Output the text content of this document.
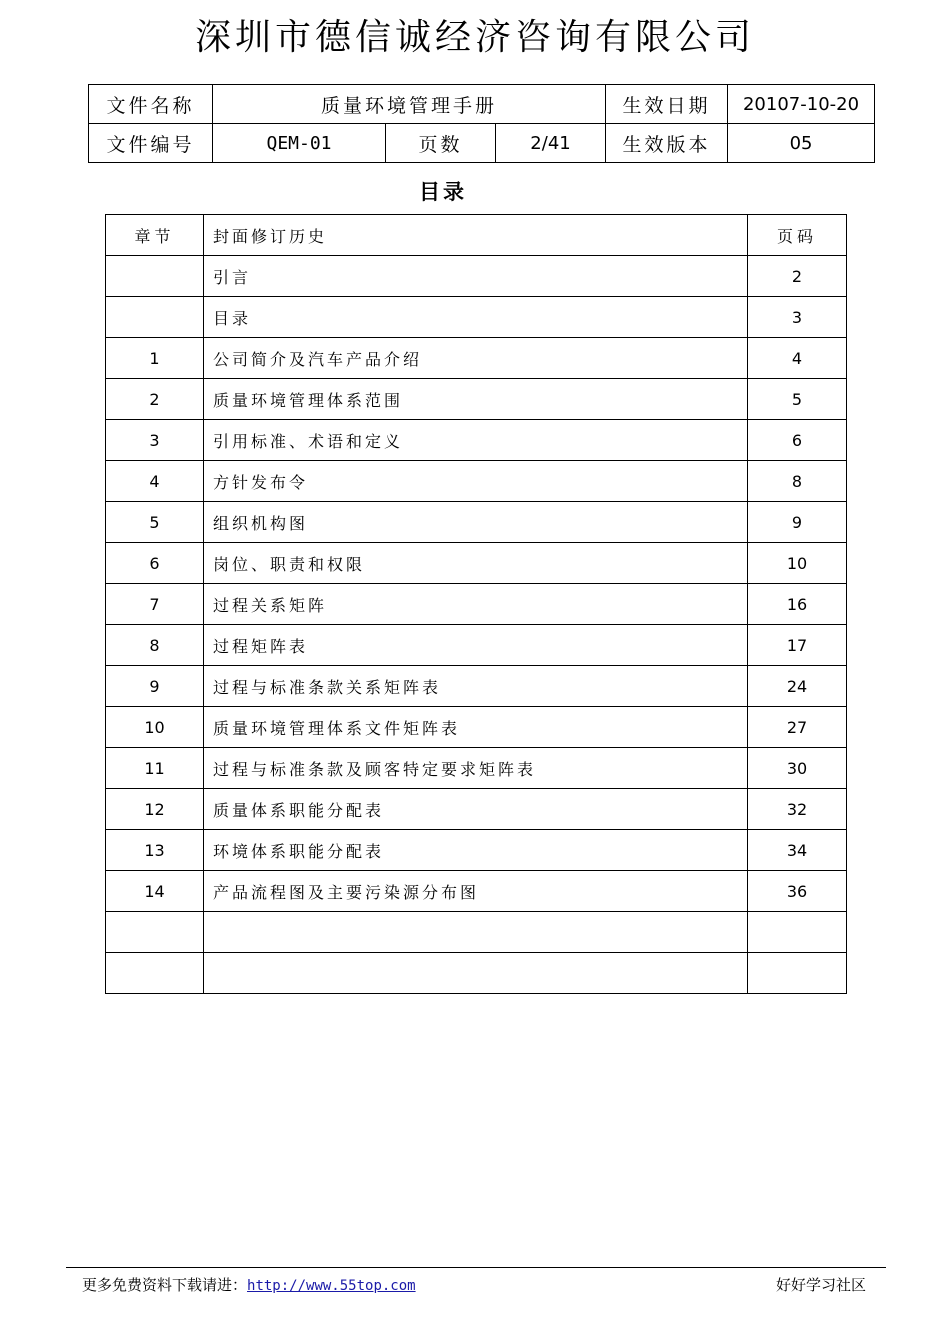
深圳市德信诚经济咨询有限公司
文件名称	质量环境管理手册			生效日期	20107-10-20
文件编号	QEM-01	页数	2/41	生效版本	05
目录
章节	封面修订历史	页码
	引言	2
	目录	3
1	公司简介及汽车产品介绍	4
2	质量环境管理体系范围	5
3	引用标准、术语和定义	6
4	方针发布令	8
5	组织机构图	9
6	岗位、职责和权限	10
7	过程关系矩阵	16
8	过程矩阵表	17
9	过程与标准条款关系矩阵表	24
10	质量环境管理体系文件矩阵表	27
11	过程与标准条款及顾客特定要求矩阵表	30
12	质量体系职能分配表	32
13	环境体系职能分配表	34
14	产品流程图及主要污染源分布图	36

更多免费资料下载请进：http://www.55top.com	好好学习社区
